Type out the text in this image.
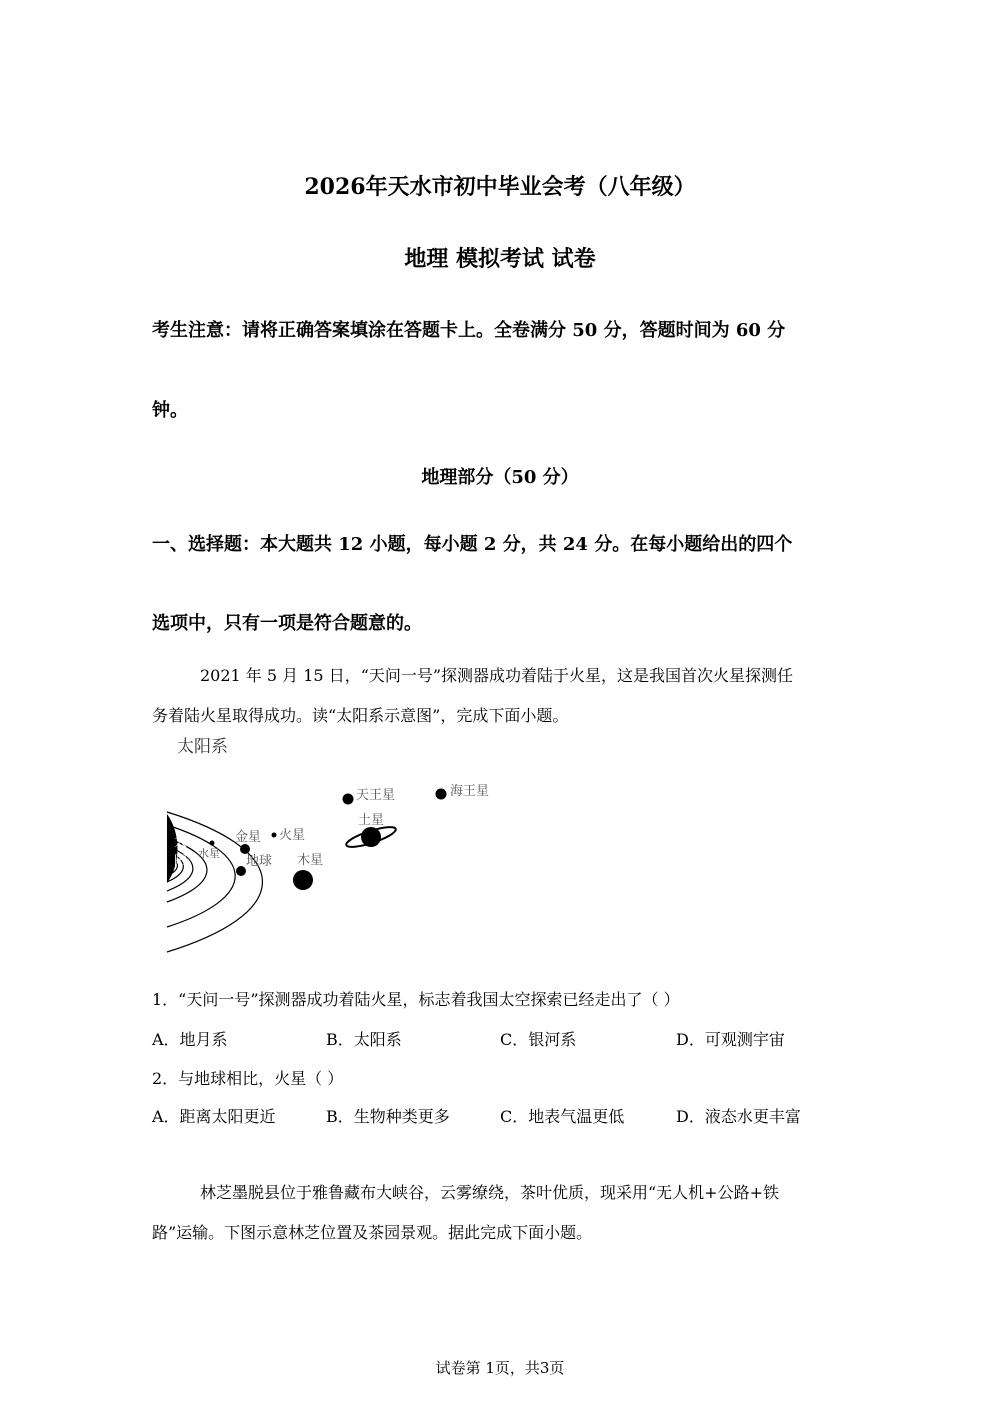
2026年天水市初中毕业会考（八年级）
地理 模拟考试 试卷
考生注意：请将正确答案填涂在答题卡上。全卷满分 50 分，答题时间为 60 分
钟。
地理部分（50 分）
一、选择题：本大题共 12 小题，每小题 2 分，共 24 分。在每小题给出的四个
选项中，只有一项是符合题意的。
2021 年 5 月 15 日，“天问一号”探测器成功着陆于火星，这是我国首次火星探测任
务着陆火星取得成功。读“太阳系示意图”，完成下面小题。
太阳系
太
阳
水星
金星
地球
火星
木星
土星
天王星	海王星
1．“天问一号”探测器成功着陆火星，标志着我国太空探索已经走出了（ ）
A．地月系	B．太阳系	C．银河系	D．可观测宇宙
2．与地球相比，火星（ ）
A．距离太阳更近	B．生物种类更多	C．地表气温更低	D．液态水更丰富
林芝墨脱县位于雅鲁藏布大峡谷，云雾缭绕，茶叶优质，现采用“无人机+公路+铁
路”运输。下图示意林芝位置及茶园景观。据此完成下面小题。
试卷第 1页，共3页
